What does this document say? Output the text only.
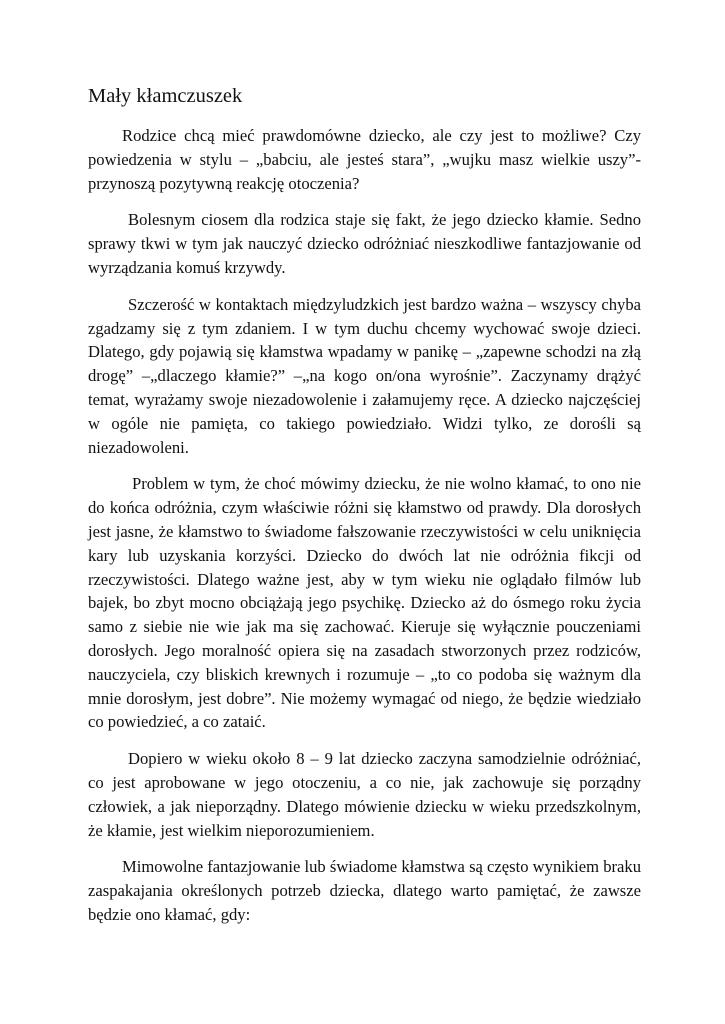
Mały kłamczuszek

Rodzice chcą mieć prawdomówne dziecko, ale czy jest to możliwe? Czy powiedzenia w stylu – „babciu, ale jesteś stara”, „wujku masz wielkie uszy”- przynoszą pozytywną reakcję otoczenia?

Bolesnym ciosem dla rodzica staje się fakt, że jego dziecko kłamie. Sedno sprawy tkwi w tym jak nauczyć dziecko odróżniać nieszkodliwe fantazjowanie od wyrządzania komuś krzywdy.

Szczerość w kontaktach międzyludzkich jest bardzo ważna – wszyscy chyba zgadzamy się z tym zdaniem. I w tym duchu chcemy wychować swoje dzieci. Dlatego, gdy pojawią się kłamstwa wpadamy w panikę – „zapewne schodzi na złą drogę” –„dlaczego kłamie?” –„na kogo on/ona wyrośnie”. Zaczynamy drążyć temat, wyrażamy swoje niezadowolenie i załamujemy ręce. A dziecko najczęściej w ogóle nie pamięta, co takiego powiedziało. Widzi tylko, ze dorośli są niezadowoleni.

Problem w tym, że choć mówimy dziecku, że nie wolno kłamać, to ono nie do końca odróżnia, czym właściwie różni się kłamstwo od prawdy. Dla dorosłych jest jasne, że kłamstwo to świadome fałszowanie rzeczywistości w celu uniknięcia kary lub uzyskania korzyści. Dziecko do dwóch lat nie odróżnia fikcji od rzeczywistości. Dlatego ważne jest, aby w tym wieku nie oglądało filmów lub bajek, bo zbyt mocno obciążają jego psychikę. Dziecko aż do ósmego roku życia samo z siebie nie wie jak ma się zachować. Kieruje się wyłącznie pouczeniami dorosłych. Jego moralność opiera się na zasadach stworzonych przez rodziców, nauczyciela, czy bliskich krewnych i rozumuje – „to co podoba się ważnym dla mnie dorosłym, jest dobre”. Nie możemy wymagać od niego, że będzie wiedziało co powiedzieć, a co zataić.

Dopiero w wieku około 8 – 9 lat dziecko zaczyna samodzielnie odróżniać, co jest aprobowane w jego otoczeniu, a co nie, jak zachowuje się porządny człowiek, a jak nieporządny. Dlatego mówienie dziecku w wieku przedszkolnym, że kłamie, jest wielkim nieporozumieniem.

Mimowolne fantazjowanie lub świadome kłamstwa są często wynikiem braku zaspakajania określonych potrzeb dziecka, dlatego warto pamiętać, że zawsze będzie ono kłamać, gdy:
